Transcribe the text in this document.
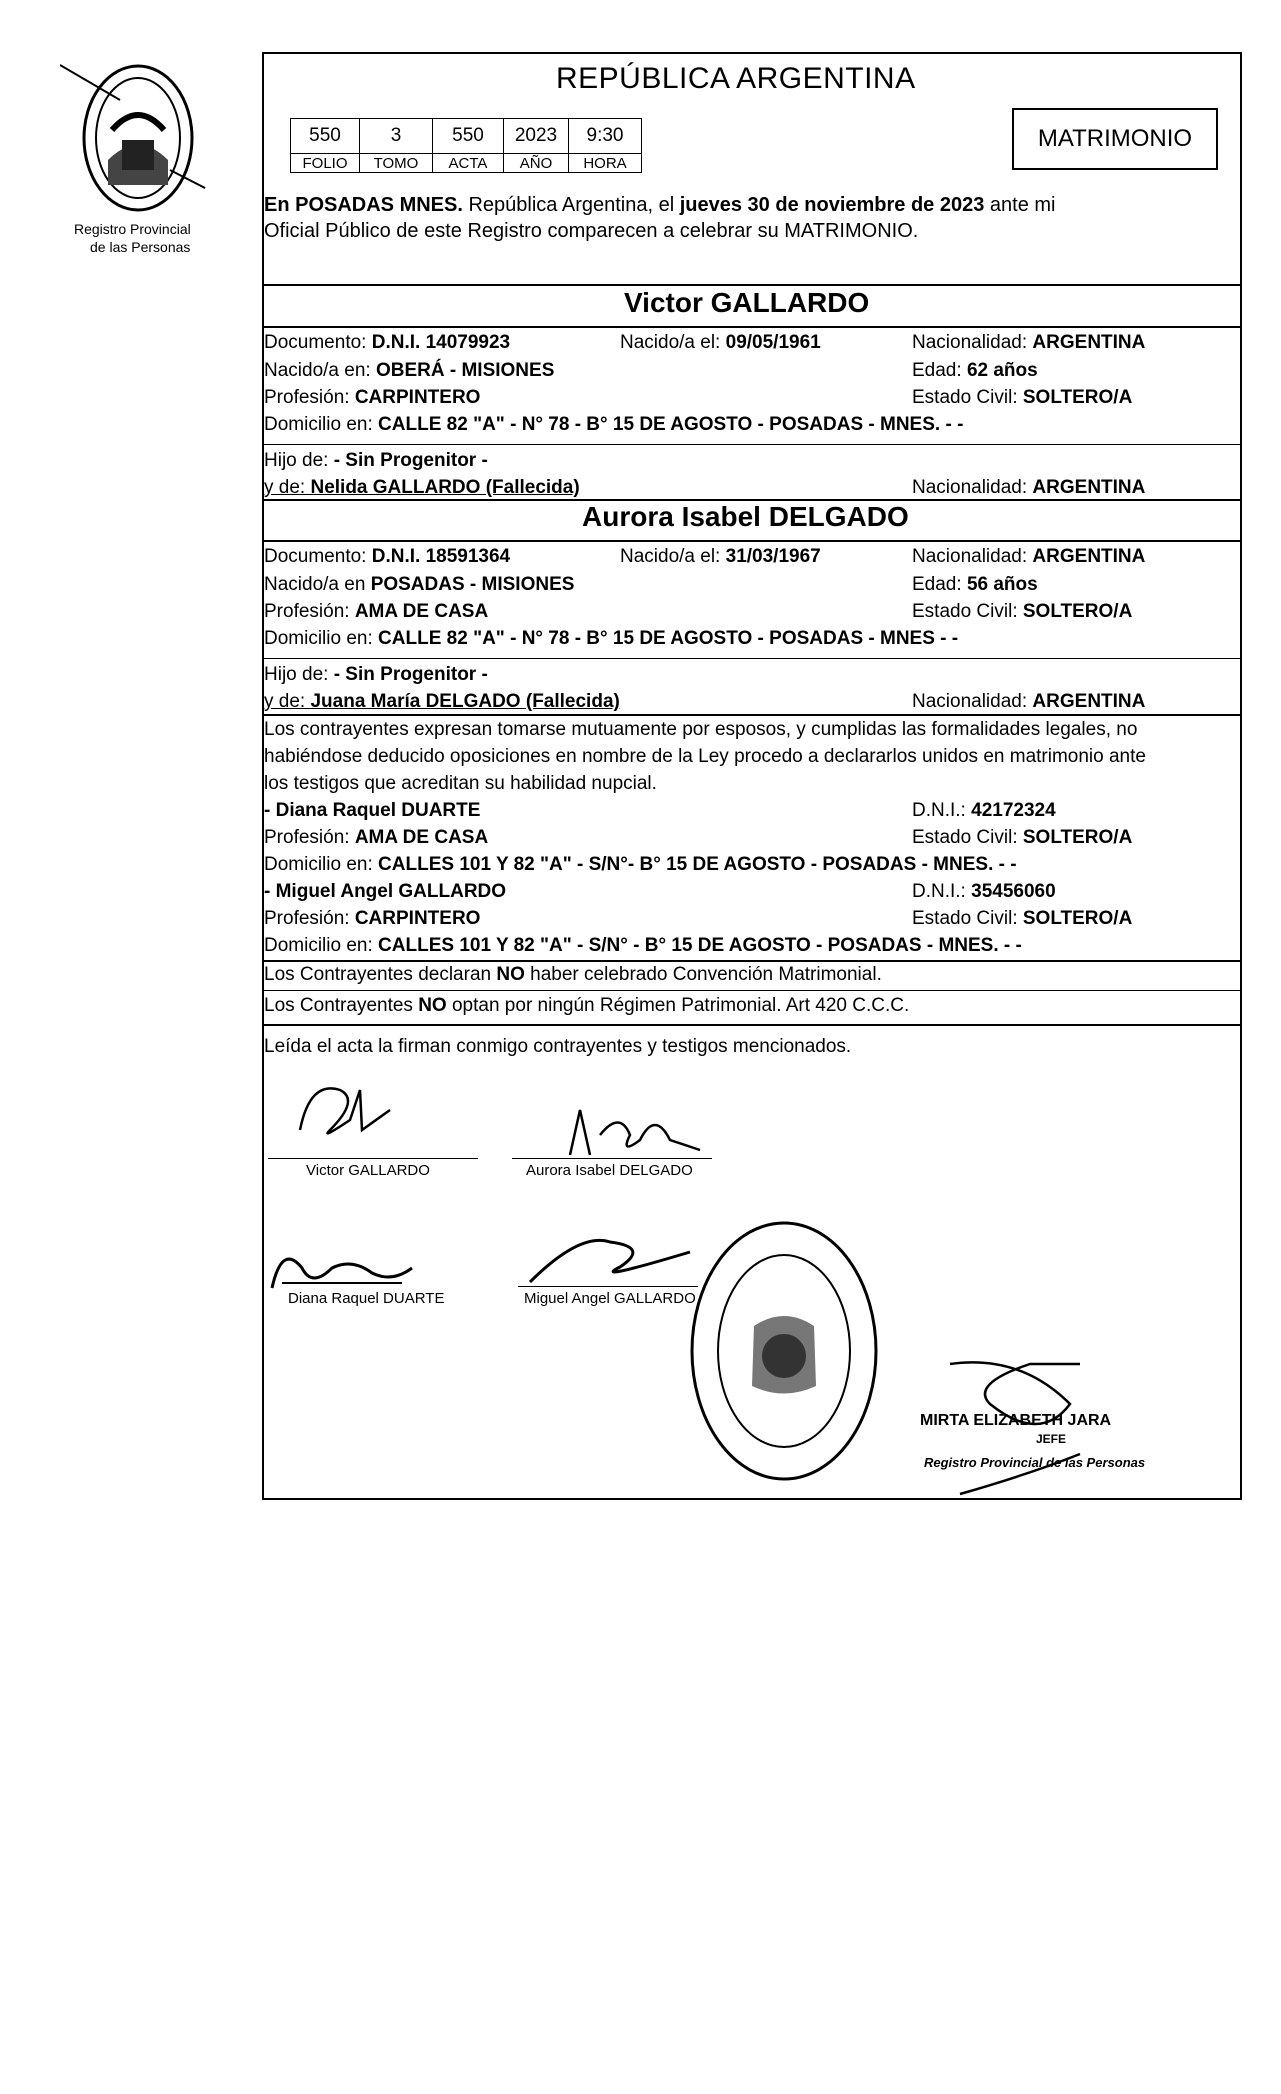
Registro Provincial
de las Personas
REPÚBLICA ARGENTINA
550	3	550	2023	9:30
FOLIO	TOMO	ACTA	AÑO	HORA
MATRIMONIO
En POSADAS MNES. República Argentina, el jueves 30 de noviembre de 2023 ante mi
Oficial Público de este Registro comparecen a celebrar su MATRIMONIO.
Victor GALLARDO
Documento: D.N.I. 14079923	Nacido/a el: 09/05/1961	Nacionalidad: ARGENTINA
Nacido/a en: OBERÁ - MISIONES	Edad: 62 años
Profesión: CARPINTERO	Estado Civil: SOLTERO/A
Domicilio en: CALLE 82 "A" - N° 78 - B° 15 DE AGOSTO - POSADAS - MNES. - -
Hijo de: - Sin Progenitor -
y de: Nelida GALLARDO (Fallecida)	Nacionalidad: ARGENTINA
Aurora Isabel DELGADO
Documento: D.N.I. 18591364	Nacido/a el: 31/03/1967	Nacionalidad: ARGENTINA
Nacido/a en POSADAS - MISIONES	Edad: 56 años
Profesión: AMA DE CASA	Estado Civil: SOLTERO/A
Domicilio en: CALLE 82 "A" - N° 78 - B° 15 DE AGOSTO - POSADAS - MNES - -
Hijo de: - Sin Progenitor -
y de: Juana María DELGADO (Fallecida)	Nacionalidad: ARGENTINA
Los contrayentes expresan tomarse mutuamente por esposos, y cumplidas las formalidades legales, no
habiéndose deducido oposiciones en nombre de la Ley procedo a declararlos unidos en matrimonio ante
los testigos que acreditan su habilidad nupcial.
- Diana Raquel DUARTE	D.N.I.: 42172324
Profesión: AMA DE CASA	Estado Civil: SOLTERO/A
Domicilio en: CALLES 101 Y 82 "A" - S/N°- B° 15 DE AGOSTO - POSADAS - MNES. - -
- Miguel Angel GALLARDO	D.N.I.: 35456060
Profesión: CARPINTERO	Estado Civil: SOLTERO/A
Domicilio en: CALLES 101 Y 82 "A" - S/N° - B° 15 DE AGOSTO - POSADAS - MNES. - -
Los Contrayentes declaran NO haber celebrado Convención Matrimonial.
Los Contrayentes NO optan por ningún Régimen Patrimonial. Art 420 C.C.C.
Leída el acta la firman conmigo contrayentes y testigos mencionados.
Victor GALLARDO	Aurora Isabel DELGADO
Diana Raquel DUARTE	Miguel Angel GALLARDO
MIRTA ELIZABETH JARA
JEFE
Registro Provincial de las Personas
